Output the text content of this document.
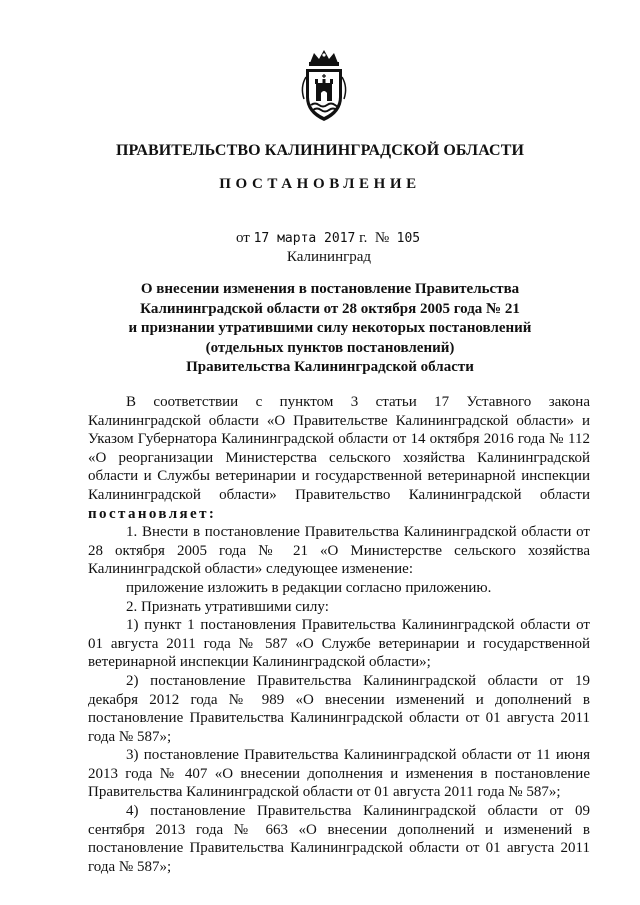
ПРАВИТЕЛЬСТВО КАЛИНИНГРАДСКОЙ ОБЛАСТИ
ПОСТАНОВЛЕНИЕ
от 17 марта 2017 г. № 105
Калининград
О внесении изменения в постановление Правительства
Калининградской области от 28 октября 2005 года № 21
и признании утратившими силу некоторых постановлений
(отдельных пунктов постановлений)
Правительства Калининградской области

В соответствии с пунктом 3 статьи 17 Уставного закона Калининградской области «О Правительстве Калининградской области» и Указом Губернатора Калининградской области от 14 октября 2016 года № 112 «О реорганизации Министерства сельского хозяйства Калининградской области и Службы ветеринарии и государственной ветеринарной инспекции Калининградской области» Правительство Калининградской области постановляет:

1. Внести в постановление Правительства Калининградской области от 28 октября 2005 года № 21 «О Министерстве сельского хозяйства Калининградской области» следующее изменение:

приложение изложить в редакции согласно приложению.

2. Признать утратившими силу:

1) пункт 1 постановления Правительства Калининградской области от 01 августа 2011 года № 587 «О Службе ветеринарии и государственной ветеринарной инспекции Калининградской области»;

2) постановление Правительства Калининградской области от 19 декабря 2012 года № 989 «О внесении изменений и дополнений в постановление Правительства Калининградской области от 01 августа 2011 года № 587»;

3) постановление Правительства Калининградской области от 11 июня 2013 года № 407 «О внесении дополнения и изменения в постановление Правительства Калининградской области от 01 августа 2011 года № 587»;

4) постановление Правительства Калининградской области от 09 сентября 2013 года № 663 «О внесении дополнений и изменений в постановление Правительства Калининградской области от 01 августа 2011 года № 587»;
